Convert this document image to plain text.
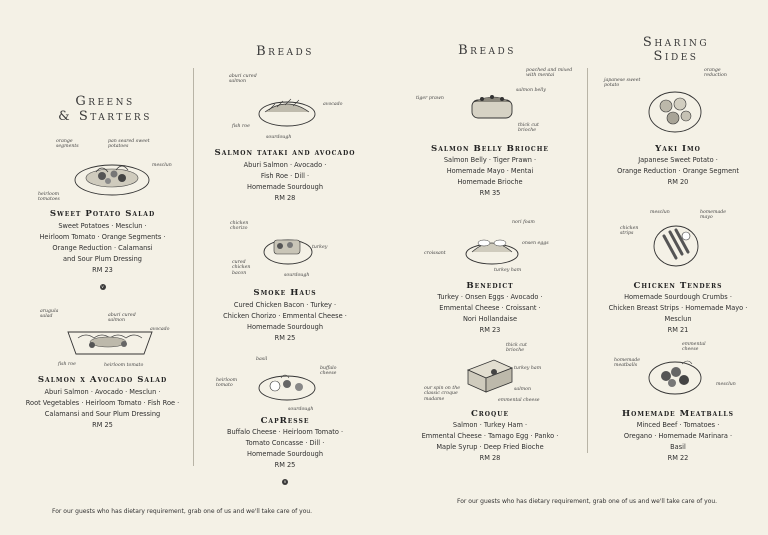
Greens
& Starters
Breads	Breads
Sharing
Sides
orange segments
pan seared sweet potatoes
mesclun
heirloom tomatoes
Sweet Potato Salad
Sweet Potatoes · Mesclun ·
Heirloom Tomato · Orange Segments ·
Orange Reduction · Calamansi
and Sour Plum Dressing
RM 23
v
arugula salad	aburi cured salmon
avocado
fish roe	heirloom tomato
Salmon x Avocado Salad
Aburi Salmon · Avocado · Mesclun ·
Root Vegetables · Heirloom Tomato · Fish Roe ·
Calamansi and Sour Plum Dressing
RM 25
aburi cured salmon
avocado
fish roe
sourdough
Salmon tataki and avocado
Aburi Salmon · Avocado ·
Fish Roe · Dill ·
Homemade Sourdough
RM 28
chicken chorizo
turkey
cured chicken bacon	sourdough
Smoke Haus
Cured Chicken Bacon · Turkey ·
Chicken Chorizo · Emmental Cheese ·
Homemade Sourdough
RM 25
basil
buffalo cheese
heirloom tomato
sourdough
CapResse
Buffalo Cheese · Heirloom Tomato ·
Tomato Concasse · Dill ·
Homemade Sourdough
RM 25
v
For our guests who has dietary requirement, grab one of us and we'll take care of you.
poached and mixed with mentai
tiger prawn
salmon belly
thick cut brioche
Salmon Belly Brioche
Salmon Belly · Tiger Prawn ·
Homemade Mayo · Mentai
Homemade Brioche
RM 35
nori foam
onsen eggs
croissant
turkey ham
Benedict
Turkey · Onsen Eggs · Avocado ·
Emmental Cheese · Croissant ·
Nori Hollandaise
RM 23
thick cut brioche
turkey ham
our spin on the classic croque madame
salmon
emmental cheese
Croque
Salmon · Turkey Ham ·
Emmental Cheese · Tamago Egg · Panko ·
Maple Syrup · Deep Fried Bioche
RM 28
For our guests who has dietary requirement, grab one of us and we'll take care of you.
japanese sweet potato
orange reduction
Yaki Imo
Japanese Sweet Potato ·
Orange Reduction · Orange Segment
RM 20
mesclun	homemade mayo
chicken strips
Chicken Tenders
Homemade Sourdough Crumbs ·
Chicken Breast Strips · Homemade Mayo ·
Mesclun
RM 21
emmental cheese
homemade meatballs
mesclun
Homemade Meatballs
Minced Beef · Tomatoes ·
Oregano · Homemade Marinara ·
Basil
RM 22
